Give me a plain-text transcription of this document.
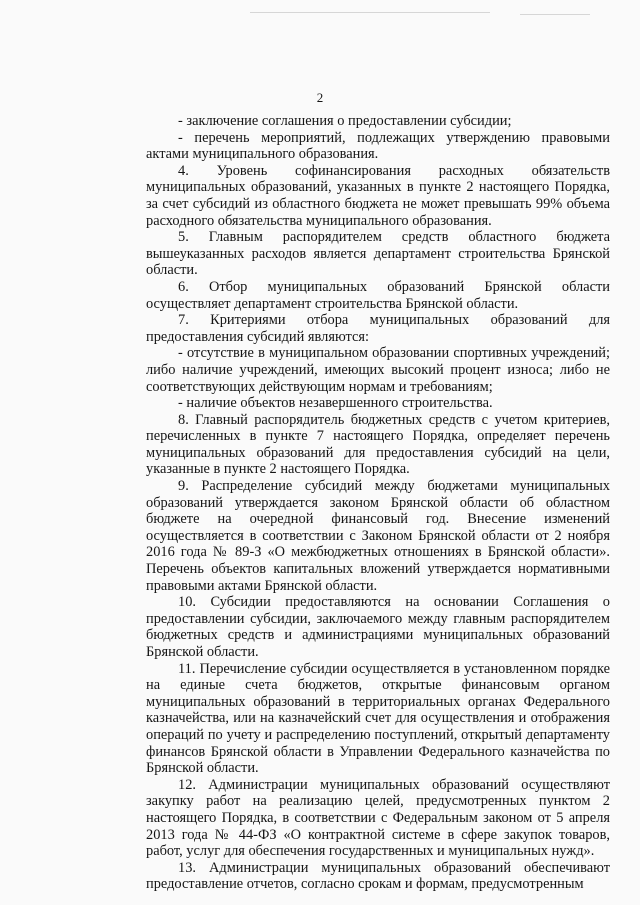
2

- заключение соглашения о предоставлении субсидии;

- перечень мероприятий, подлежащих утверждению правовыми актами муниципального образования.

4. Уровень софинансирования расходных обязательств муниципальных образований, указанных в пункте 2 настоящего Порядка, за счет субсидий из областного бюджета не может превышать 99% объема расходного обязательства муниципального образования.

5. Главным распорядителем средств областного бюджета вышеуказанных расходов является департамент строительства Брянской области.

6. Отбор муниципальных образований Брянской области осуществляет департамент строительства Брянской области.

7. Критериями отбора муниципальных образований для предоставления субсидий являются:

- отсутствие в муниципальном образовании спортивных учреждений; либо наличие учреждений, имеющих высокий процент износа; либо не соответствующих действующим нормам и требованиям;

- наличие объектов незавершенного строительства.

8. Главный распорядитель бюджетных средств с учетом критериев, перечисленных в пункте 7 настоящего Порядка, определяет перечень муниципальных образований для предоставления субсидий на цели, указанные в пункте 2 настоящего Порядка.

9. Распределение субсидий между бюджетами муниципальных образований утверждается законом Брянской области об областном бюджете на очередной финансовый год. Внесение изменений осуществляется в соответствии с Законом Брянской области от 2 ноября 2016 года № 89-З «О межбюджетных отношениях в Брянской области». Перечень объектов капитальных вложений утверждается нормативными правовыми актами Брянской области.

10. Субсидии предоставляются на основании Соглашения о предоставлении субсидии, заключаемого между главным распорядителем бюджетных средств и администрациями муниципальных образований Брянской области.

11. Перечисление субсидии осуществляется в установленном порядке на единые счета бюджетов, открытые финансовым органом муниципальных образований в территориальных органах Федерального казначейства, или на казначейский счет для осуществления и отображения операций по учету и распределению поступлений, открытый департаменту финансов Брянской области в Управлении Федерального казначейства по Брянской области.

12. Администрации муниципальных образований осуществляют закупку работ на реализацию целей, предусмотренных пунктом 2 настоящего Порядка, в соответствии с Федеральным законом от 5 апреля 2013 года № 44-ФЗ «О контрактной системе в сфере закупок товаров, работ, услуг для обеспечения государственных и муниципальных нужд».

13. Администрации муниципальных образований обеспечивают предоставление отчетов, согласно срокам и формам, предусмотренным
